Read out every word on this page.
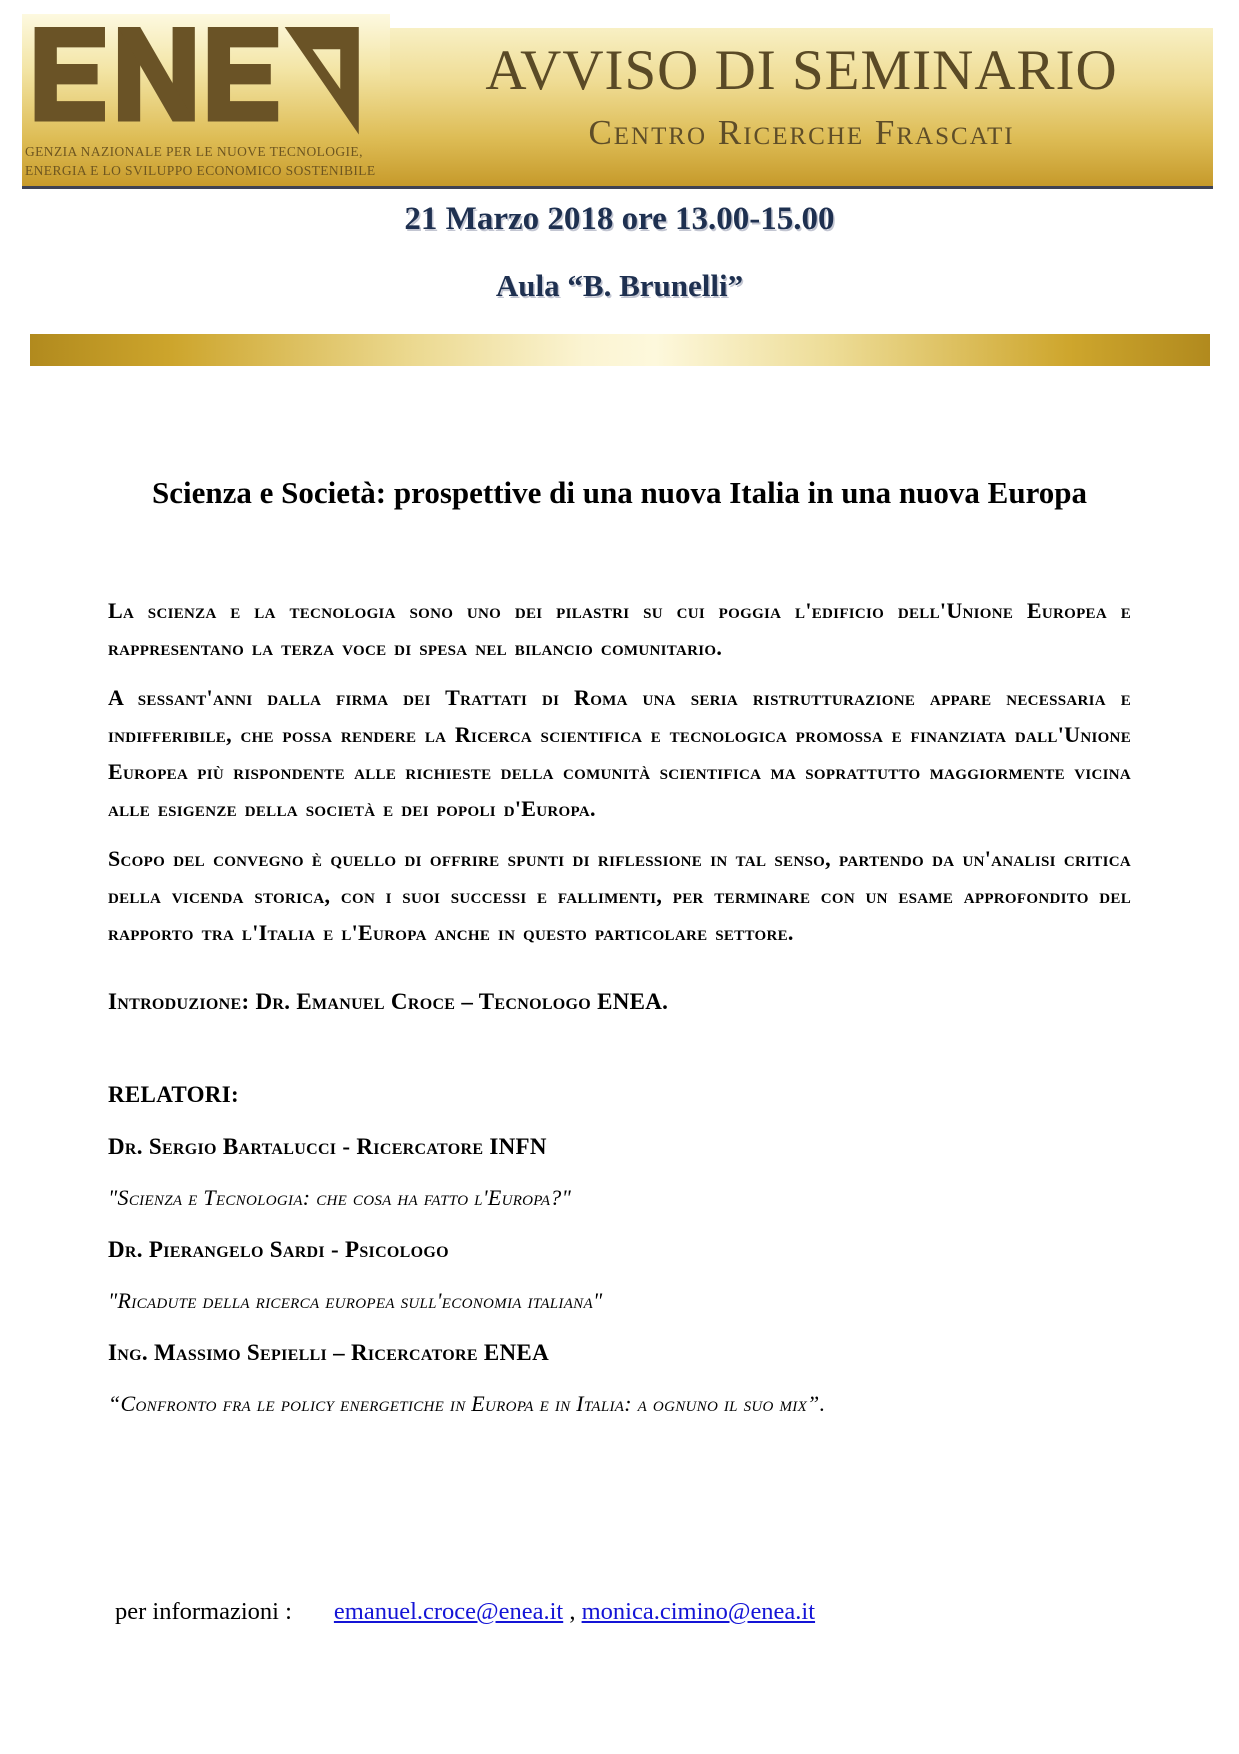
GENZIA NAZIONALE PER LE NUOVE TECNOLOGIE,
ENERGIA E LO SVILUPPO ECONOMICO SOSTENIBILE
AVVISO DI SEMINARIO
Centro Ricerche Frascati
21 Marzo 2018 ore 13.00-15.00
Aula “B. Brunelli”
Scienza e Società: prospettive di una nuova Italia in una nuova Europa

La scienza e la tecnologia sono uno dei pilastri su cui poggia l'edificio dell'Unione Europea e rappresentano la terza voce di spesa nel bilancio comunitario.

A sessant'anni dalla firma dei Trattati di Roma una seria ristrutturazione appare necessaria e indifferibile, che possa rendere la Ricerca scientifica e tecnologica promossa e finanziata dall'Unione Europea più rispondente alle richieste della comunità scientifica ma soprattutto maggiormente vicina alle esigenze della società e dei popoli d'Europa.

Scopo del convegno è quello di offrire spunti di riflessione in tal senso, partendo da un'analisi critica della vicenda storica, con i suoi successi e fallimenti, per terminare con un esame approfondito del rapporto tra l'Italia e l'Europa anche in questo particolare settore.

Introduzione: Dr. Emanuel Croce – Tecnologo ENEA.
RELATORI:
Dr. Sergio Bartalucci - Ricercatore INFN
"Scienza e Tecnologia: che cosa ha fatto l'Europa?"
Dr. Pierangelo Sardi - Psicologo
"Ricadute della ricerca europea sull'economia italiana"
Ing. Massimo Sepielli – Ricercatore ENEA
“Confronto fra le policy energetiche in Europa e in Italia: a ognuno il suo mix”.
per informazioni : emanuel.croce@enea.it , monica.cimino@enea.it
